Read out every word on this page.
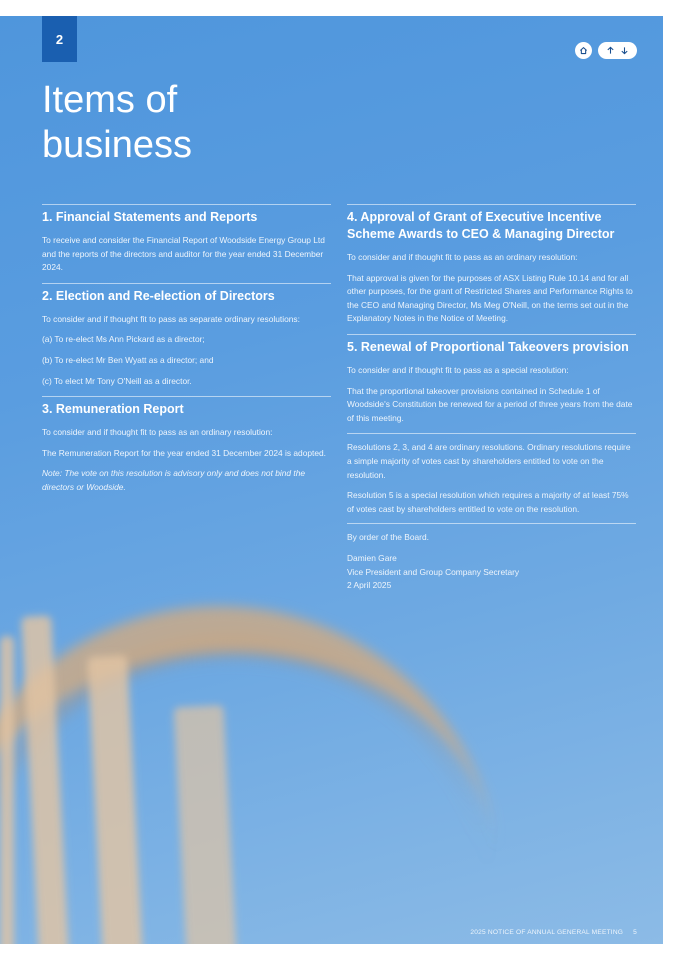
2
Items of
business
1. Financial Statements and Reports

To receive and consider the Financial Report of Woodside Energy Group Ltd and the reports of the directors and auditor for the year ended 31 December 2024.

2. Election and Re-election of Directors

To consider and if thought fit to pass as separate ordinary resolutions:

(a) To re-elect Ms Ann Pickard as a director;

(b) To re-elect Mr Ben Wyatt as a director; and

(c) To elect Mr Tony O'Neill as a director.

3. Remuneration Report

To consider and if thought fit to pass as an ordinary resolution:

The Remuneration Report for the year ended 31 December 2024 is adopted.

Note: The vote on this resolution is advisory only and does not bind the directors or Woodside.

4. Approval of Grant of Executive Incentive Scheme Awards to CEO & Managing Director

To consider and if thought fit to pass as an ordinary resolution:

That approval is given for the purposes of ASX Listing Rule 10.14 and for all other purposes, for the grant of Restricted Shares and Performance Rights to the CEO and Managing Director, Ms Meg O'Neill, on the terms set out in the Explanatory Notes in the Notice of Meeting.

5. Renewal of Proportional Takeovers provision

To consider and if thought fit to pass as a special resolution:

That the proportional takeover provisions contained in Schedule 1 of Woodside's Constitution be renewed for a period of three years from the date of this meeting.

Resolutions 2, 3, and 4 are ordinary resolutions. Ordinary resolutions require a simple majority of votes cast by shareholders entitled to vote on the resolution.

Resolution 5 is a special resolution which requires a majority of at least 75% of votes cast by shareholders entitled to vote on the resolution.

By order of the Board.

Damien Gare

Vice President and Group Company Secretary

2 April 2025

2025 NOTICE OF ANNUAL GENERAL MEETING 5
